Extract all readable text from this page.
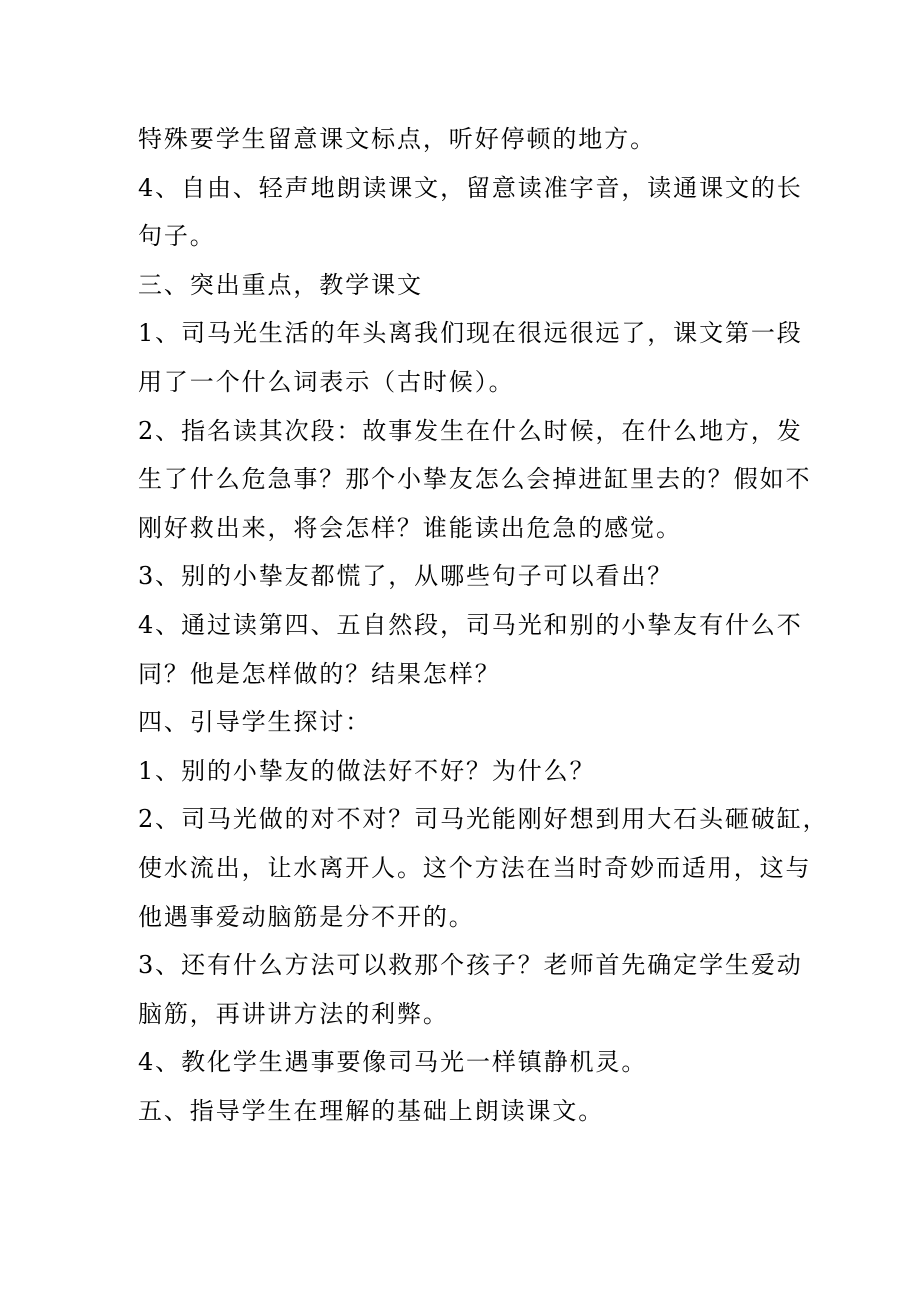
特殊要学生留意课文标点，听好停顿的地方。
4、自由、轻声地朗读课文，留意读准字音，读通课文的长
句子。
三、突出重点，教学课文
1、司马光生活的年头离我们现在很远很远了，课文第一段
用了一个什么词表示（古时候）。
2、指名读其次段：故事发生在什么时候，在什么地方，发
生了什么危急事？那个小挚友怎么会掉进缸里去的？假如不
刚好救出来，将会怎样？谁能读出危急的感觉。
3、别的小挚友都慌了，从哪些句子可以看出？
4、通过读第四、五自然段，司马光和别的小挚友有什么不
同？他是怎样做的？结果怎样？
四、引导学生探讨：
1、别的小挚友的做法好不好？为什么？
2、司马光做的对不对？司马光能刚好想到用大石头砸破缸，
使水流出，让水离开人。这个方法在当时奇妙而适用，这与
他遇事爱动脑筋是分不开的。
3、还有什么方法可以救那个孩子？老师首先确定学生爱动
脑筋，再讲讲方法的利弊。
4、教化学生遇事要像司马光一样镇静机灵。
五、指导学生在理解的基础上朗读课文。
